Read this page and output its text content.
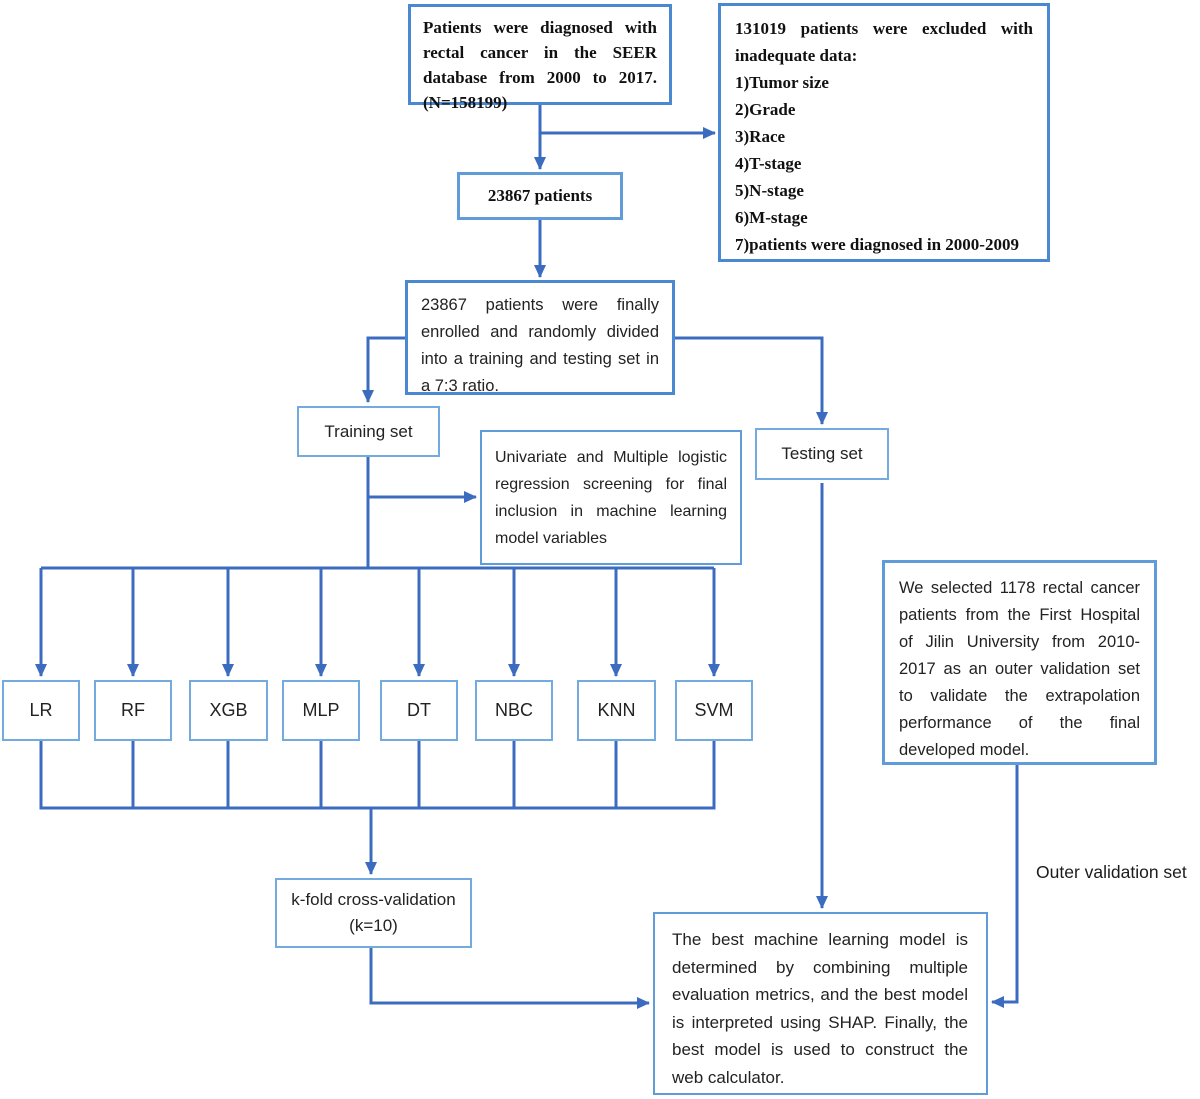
Patients were diagnosed with rectal cancer in the SEER database from 2000 to 2017. (N=158199)

131019 patients were excluded with inadequate data:

1)Tumor size
2)Grade
3)Race
4)T-stage
5)N-stage
6)M-stage
7)patients were diagnosed in 2000-2009

23867 patients

23867 patients were finally enrolled and randomly divided into a training and testing set in a 7:3 ratio.

Training set

Univariate and Multiple logistic regression screening for final inclusion in machine learning model variables

Testing set

We selected 1178 rectal cancer patients from the First Hospital of Jilin University from 2010-2017 as an outer validation set to validate the extrapolation performance of the final developed model.

LR	RF	XGB	MLP	DT	NBC	KNN	SVM

k-fold cross-validation (k=10)

The best machine learning model is determined by combining multiple evaluation metrics, and the best model is interpreted using SHAP. Finally, the best model is used to construct the web calculator.

Outer validation set
